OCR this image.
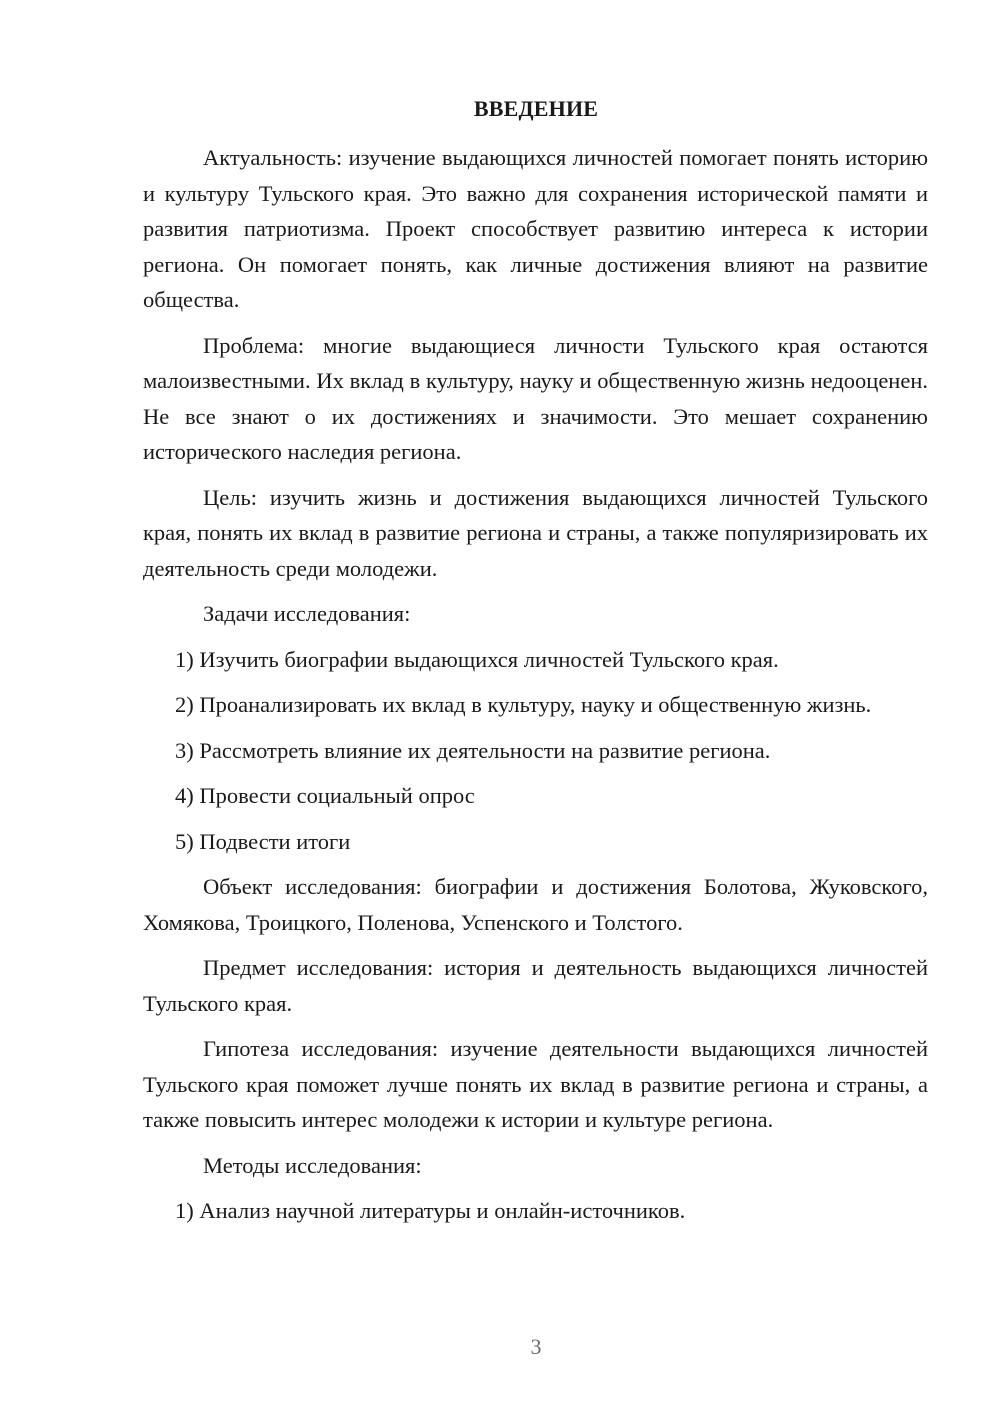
ВВЕДЕНИЕ

Актуальность: изучение выдающихся личностей помогает понять историю и культуру Тульского края. Это важно для сохранения исторической памяти и развития патриотизма. Проект способствует развитию интереса к истории региона. Он помогает понять, как личные достижения влияют на развитие общества.

Проблема: многие выдающиеся личности Тульского края остаются малоизвестными. Их вклад в культуру, науку и общественную жизнь недооценен. Не все знают о их достижениях и значимости. Это мешает сохранению исторического наследия региона.

Цель: изучить жизнь и достижения выдающихся личностей Тульского края, понять их вклад в развитие региона и страны, а также популяризировать их деятельность среди молодежи.

Задачи исследования:

1) Изучить биографии выдающихся личностей Тульского края.

2) Проанализировать их вклад в культуру, науку и общественную жизнь.

3) Рассмотреть влияние их деятельности на развитие региона.

4) Провести социальный опрос

5) Подвести итоги

Объект исследования: биографии и достижения Болотова, Жуковского, Хомякова, Троицкого, Поленова, Успенского и Толстого.

Предмет исследования: история и деятельность выдающихся личностей Тульского края.

Гипотеза исследования: изучение деятельности выдающихся личностей Тульского края поможет лучше понять их вклад в развитие региона и страны, а также повысить интерес молодежи к истории и культуре региона.

Методы исследования:

1) Анализ научной литературы и онлайн-источников.

3
